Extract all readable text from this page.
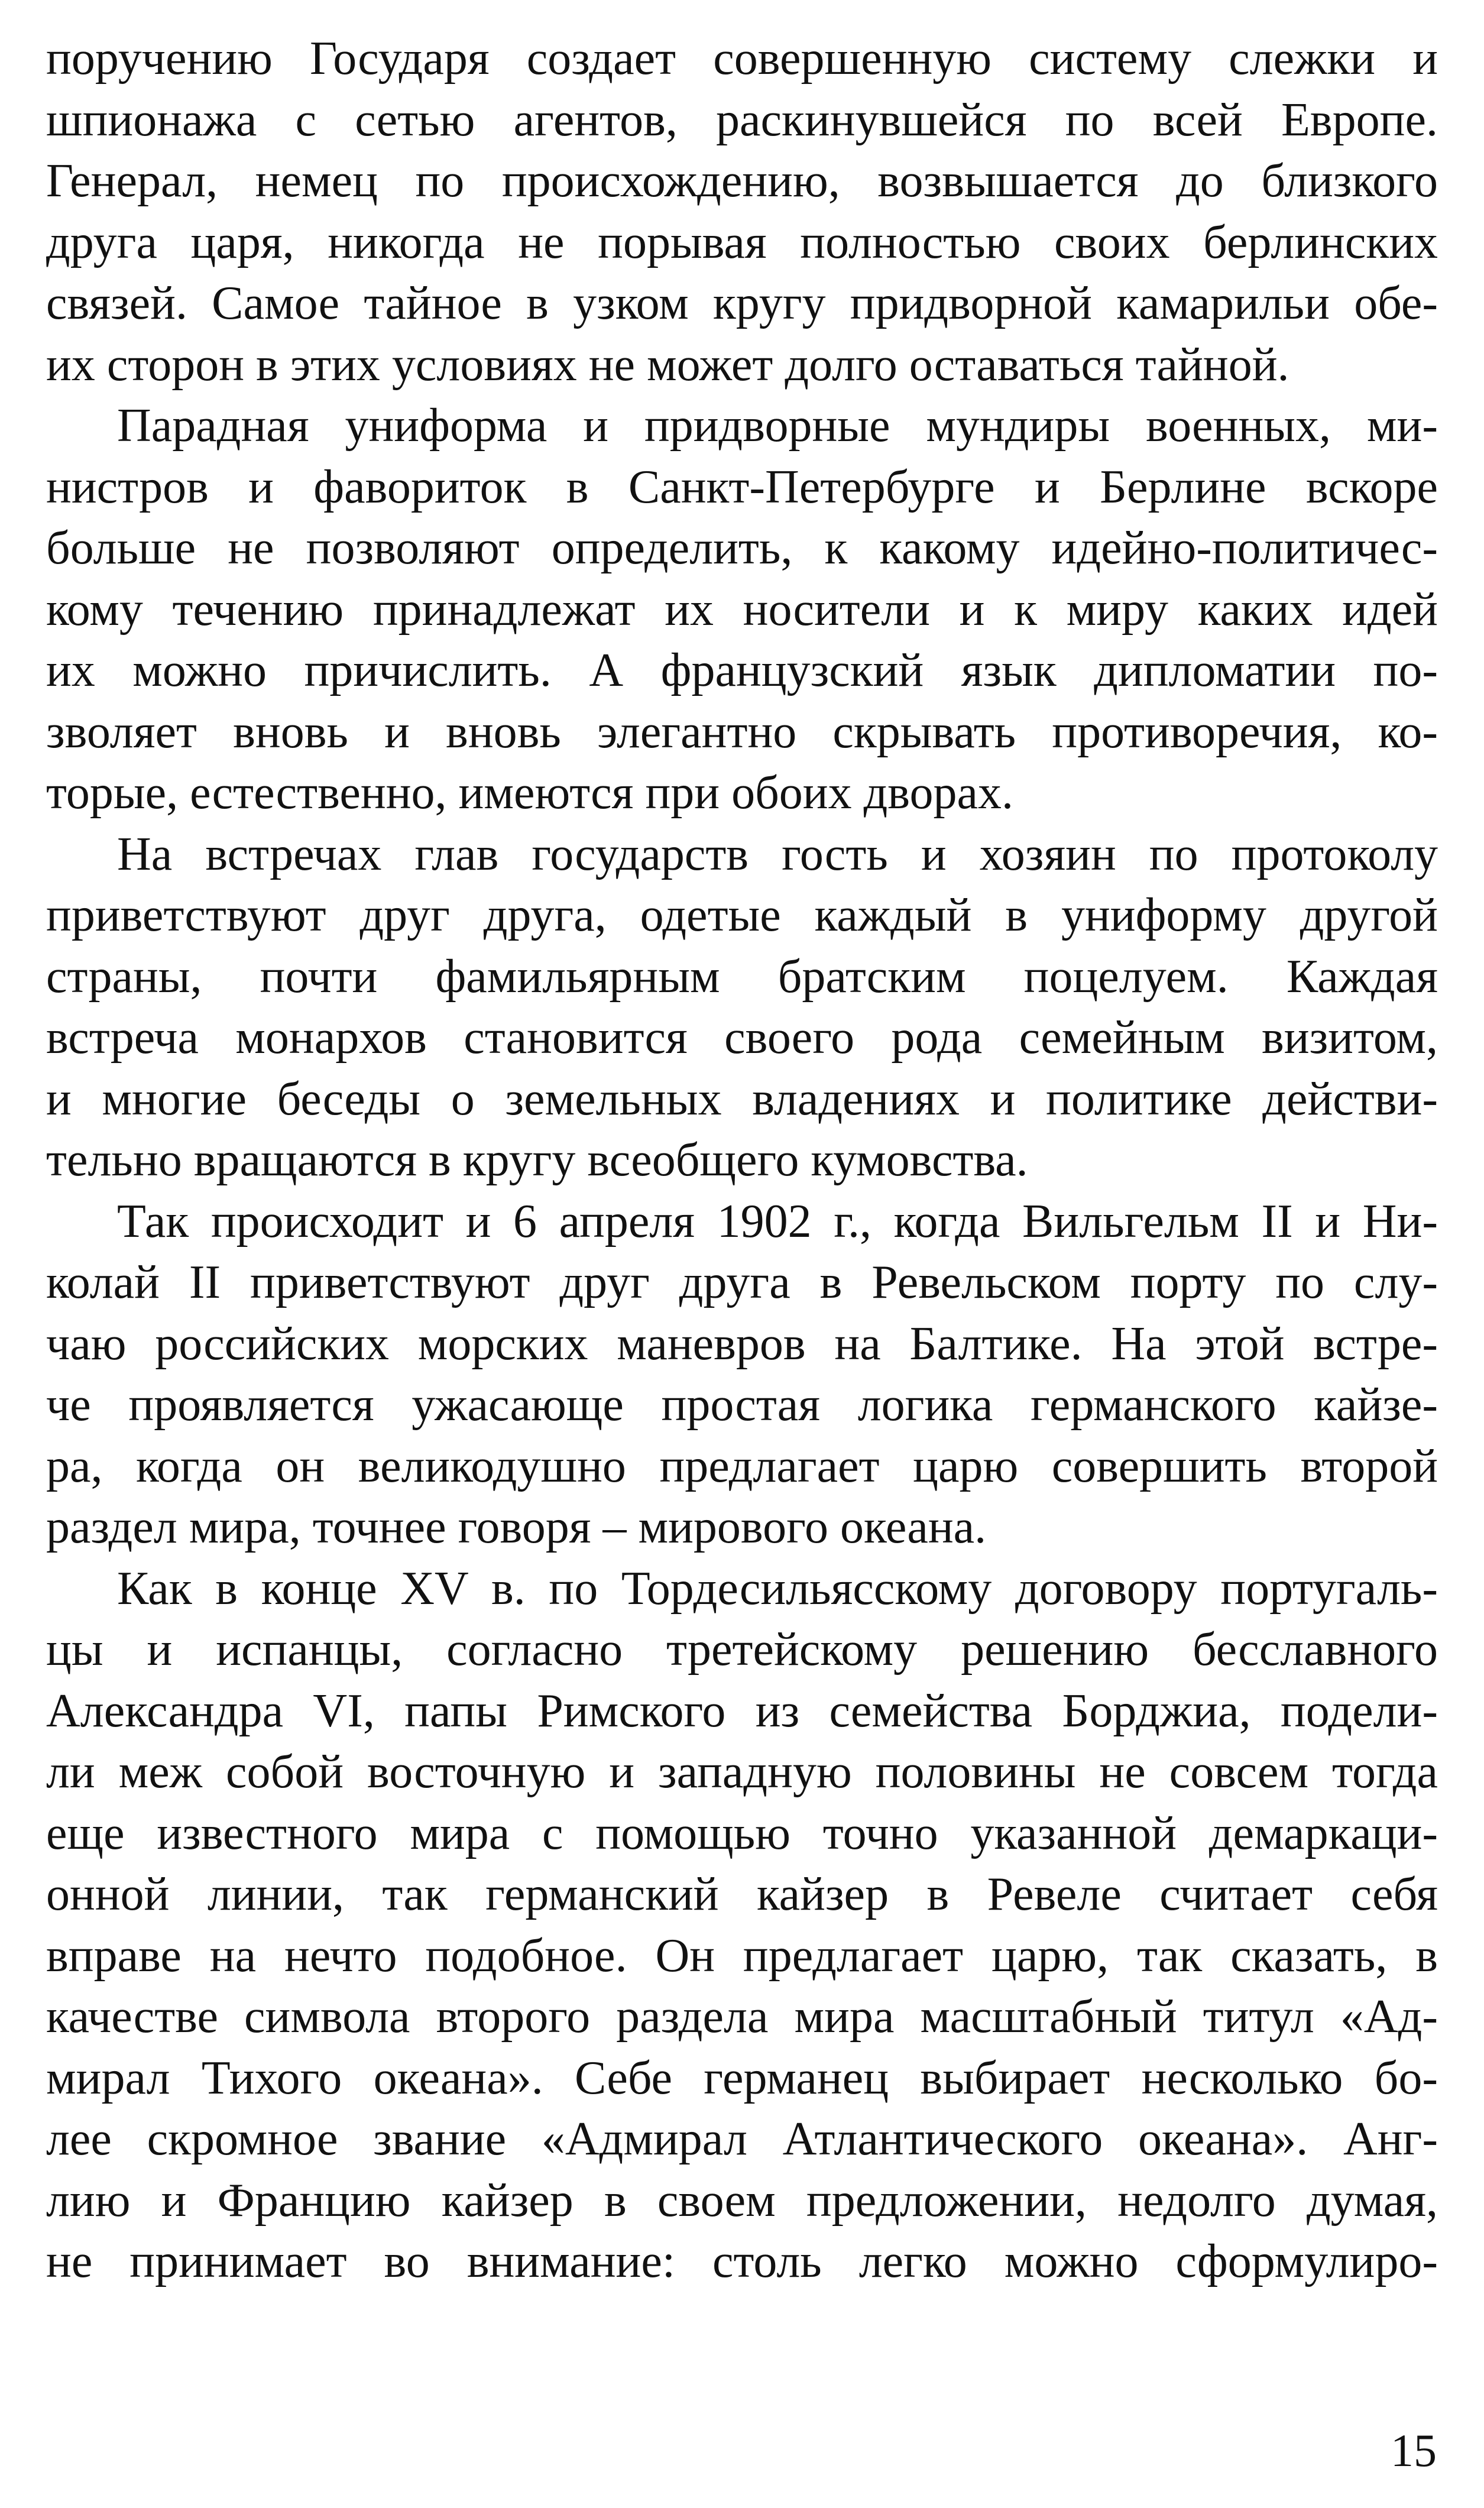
поручению Государя создает совершенную систему слежки и
шпионажа с сетью агентов, раскинувшейся по всей Европе.
Генерал, немец по происхождению, возвышается до близкого
друга царя, никогда не порывая полностью своих берлинских
связей. Самое тайное в узком кругу придворной камарильи обе-
их сторон в этих условиях не может долго оставаться тайной.
Парадная униформа и придворные мундиры военных, ми-
нистров и фавориток в Санкт-Петербурге и Берлине вскоре
больше не позволяют определить, к какому идейно-политичес-
кому течению принадлежат их носители и к миру каких идей
их можно причислить. А французский язык дипломатии по-
зволяет вновь и вновь элегантно скрывать противоречия, ко-
торые, естественно, имеются при обоих дворах.
На встречах глав государств гость и хозяин по протоколу
приветствуют друг друга, одетые каждый в униформу другой
страны, почти фамильярным братским поцелуем. Каждая
встреча монархов становится своего рода семейным визитом,
и многие беседы о земельных владениях и политике действи-
тельно вращаются в кругу всеобщего кумовства.
Так происходит и 6 апреля 1902 г., когда Вильгельм II и Ни-
колай II приветствуют друг друга в Ревельском порту по слу-
чаю российских морских маневров на Балтике. На этой встре-
че проявляется ужасающе простая логика германского кайзе-
ра, когда он великодушно предлагает царю совершить второй
раздел мира, точнее говоря – мирового океана.
Как в конце XV в. по Тордесильясскому договору португаль-
цы и испанцы, согласно третейскому решению бесславного
Александра VI, папы Римского из семейства Борджиа, подели-
ли меж собой восточную и западную половины не совсем тогда
еще известного мира с помощью точно указанной демаркаци-
онной линии, так германский кайзер в Ревеле считает себя
вправе на нечто подобное. Он предлагает царю, так сказать, в
качестве символа второго раздела мира масштабный титул «Ад-
мирал Тихого океана». Себе германец выбирает несколько бо-
лее скромное звание «Адмирал Атлантического океана». Анг-
лию и Францию кайзер в своем предложении, недолго думая,
не принимает во внимание: столь легко можно сформулиро-
15
